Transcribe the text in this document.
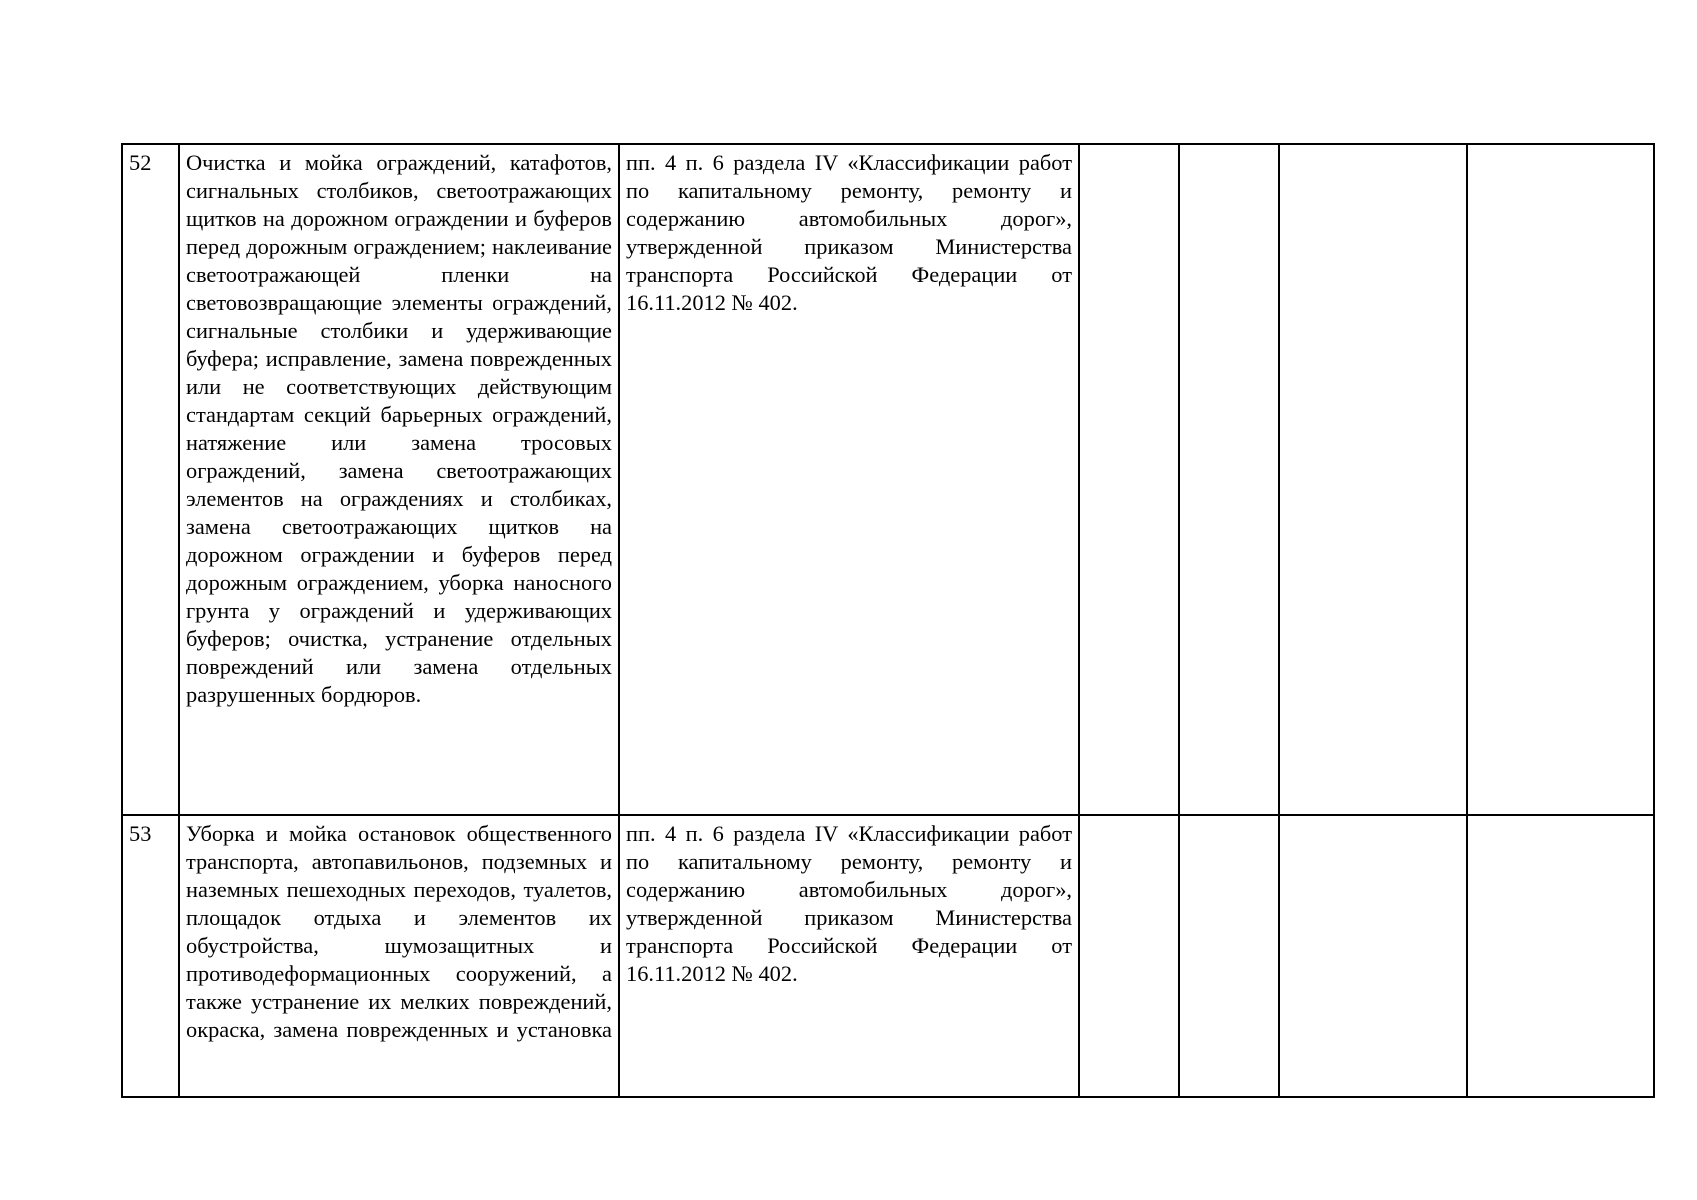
52	Очистка и мойка ограждений, катафотов, сигнальных столбиков, светоотражающих щитков на дорожном ограждении и буферов перед дорожным ограждением; наклеивание светоотражающей пленки на световозвращающие элементы ограждений, сигнальные столбики и удерживающие буфера; исправление, замена поврежденных или не соответствующих действующим стандартам секций барьерных ограждений, натяжение или замена тросовых ограждений, замена светоотражающих элементов на ограждениях и столбиках, замена светоотражающих щитков на дорожном ограждении и буферов перед дорожным ограждением, уборка наносного грунта у ограждений и удерживающих буферов; очистка, устранение отдельных повреждений или замена отдельных разрушенных бордюров.	пп. 4 п. 6 раздела IV «Классификации работ по капитальному ремонту, ремонту и содержанию автомобильных дорог», утвержденной приказом Министерства транспорта Российской Федерации от 16.11.2012 № 402.				

53	Уборка и мойка остановок общественного транспорта, автопавильонов, подземных и наземных пешеходных переходов, туалетов, площадок отдыха и элементов их обустройства, шумозащитных и противодеформационных сооружений, а также устранение их мелких повреждений, окраска, замена поврежденных и установка	пп. 4 п. 6 раздела IV «Классификации работ по капитальному ремонту, ремонту и содержанию автомобильных дорог», утвержденной приказом Министерства транспорта Российской Федерации от 16.11.2012 № 402.				
